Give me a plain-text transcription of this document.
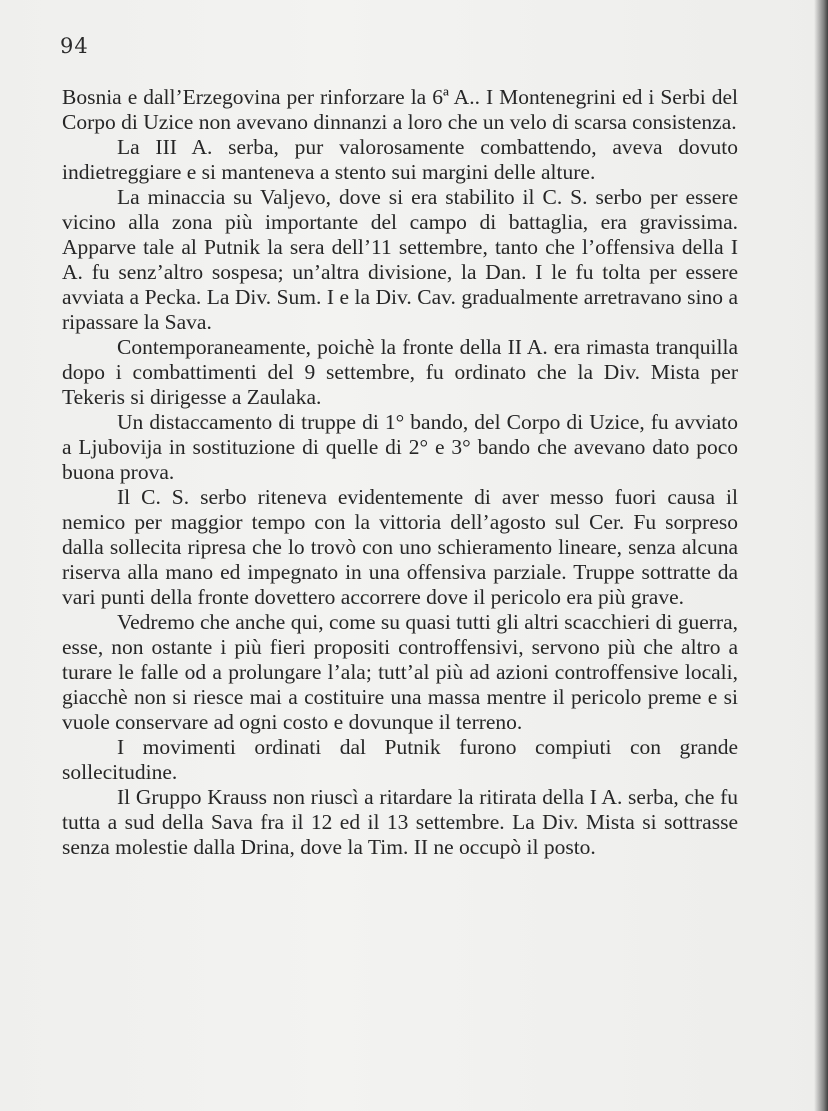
94

Bosnia e dall’Erzegovina per rinforzare la 6ª A.. I Montenegrini ed i Serbi del Corpo di Uzice non avevano dinnanzi a loro che un velo di scarsa consistenza.

La III A. serba, pur valorosamente combattendo, aveva dovuto indietreggiare e si manteneva a stento sui margini delle alture.

La minaccia su Valjevo, dove si era stabilito il C. S. serbo per essere vicino alla zona più importante del campo di battaglia, era gravissima. Apparve tale al Putnik la sera dell’11 settembre, tanto che l’offensiva della I A. fu senz’altro sospesa; un’altra divisione, la Dan. I le fu tolta per essere avviata a Pecka. La Div. Sum. I e la Div. Cav. gradualmente arretravano sino a ripassare la Sava.

Contemporaneamente, poichè la fronte della II A. era rimasta tranquilla dopo i combattimenti del 9 settembre, fu ordinato che la Div. Mista per Tekeris si dirigesse a Zaulaka.

Un distaccamento di truppe di 1° bando, del Corpo di Uzice, fu avviato a Ljubovija in sostituzione di quelle di 2° e 3° bando che avevano dato poco buona prova.

Il C. S. serbo riteneva evidentemente di aver messo fuori causa il nemico per maggior tempo con la vittoria dell’agosto sul Cer. Fu sorpreso dalla sollecita ripresa che lo trovò con uno schieramento lineare, senza alcuna riserva alla mano ed impegnato in una offensiva parziale. Truppe sottratte da vari punti della fronte dovettero accorrere dove il pericolo era più grave.

Vedremo che anche qui, come su quasi tutti gli altri scacchieri di guerra, esse, non ostante i più fieri propositi controffensivi, servono più che altro a turare le falle od a prolungare l’ala; tutt’al più ad azioni controffensive locali, giacchè non si riesce mai a costituire una massa mentre il pericolo preme e si vuole conservare ad ogni costo e dovunque il terreno.

I movimenti ordinati dal Putnik furono compiuti con grande sollecitudine.

Il Gruppo Krauss non riuscì a ritardare la ritirata della I A. serba, che fu tutta a sud della Sava fra il 12 ed il 13 settembre. La Div. Mista si sottrasse senza molestie dalla Drina, dove la Tim. II ne occupò il posto.
